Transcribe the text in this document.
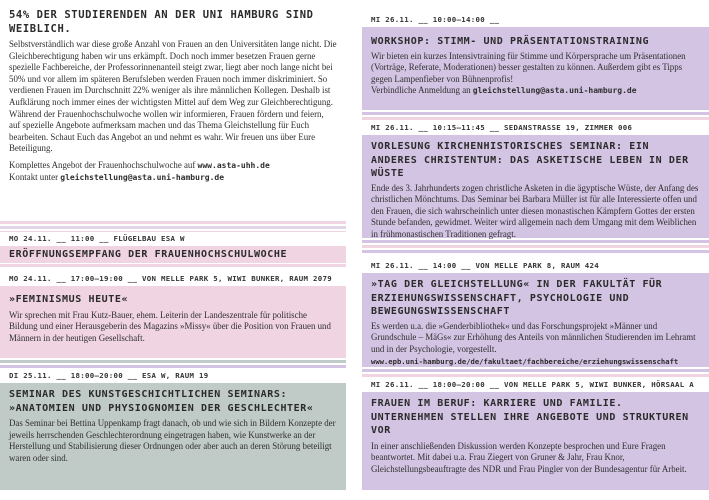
54% DER STUDIERENDEN AN DER UNI HAMBURG SIND WEIBLICH.
Selbstverständlich war diese große Anzahl von Frauen an den Universitäten lange nicht. Die Gleichberechtigung haben wir uns erkämpft. Doch noch immer besetzen Frauen gerne spezielle Fachbereiche, der Professorinnenanteil steigt zwar, liegt aber noch lange nicht bei 50% und vor allem im späteren Berufsleben werden Frauen noch immer diskriminiert. So verdienen Frauen im Durchschnitt 22% weniger als ihre männlichen Kollegen. Deshalb ist Aufklärung noch immer eines der wichtigsten Mittel auf dem Weg zur Gleichberechtigung.
Während der Frauenhochschulwoche wollen wir informieren, Frauen fördern und feiern, auf spezielle Angebote aufmerksam machen und das Thema Gleichstellung für Euch bearbeiten. Schaut Euch das Angebot an und nehmt es wahr. Wir freuen uns über Eure Beteiligung.
Komplettes Angebot der Frauenhochschulwoche auf www.asta-uhh.de
Kontakt unter gleichstellung@asta.uni-hamburg.de
MO 24.11. __ 11:00 __ FLÜGELBAU ESA W
ERÖFFNUNGSEMPFANG DER FRAUENHOCHSCHULWOCHE
MO 24.11. __ 17:00–19:00 __ VON MELLE PARK 5, WIWI BUNKER, RAUM 2079
»FEMINISMUS HEUTE«
Wir sprechen mit Frau Kutz-Bauer, ehem. Leiterin der Landeszentrale für politische Bildung und einer Herausgeberin des Magazins »Missy« über die Position von Frauen und Männern in der heutigen Gesellschaft.
DI 25.11. __ 18:00–20:00 __ ESA W, RAUM 19
SEMINAR DES KUNSTGESCHICHTLICHEN SEMINARS: »ANATOMIEN UND PHYSIOGNOMIEN DER GESCHLECHTER«
Das Seminar bei Bettina Uppenkamp fragt danach, ob und wie sich in Bildern Konzepte der jeweils herrschenden Geschlechterordnung eingetragen haben, wie Kunstwerke an der Herstellung und Stabilisierung dieser Ordnungen oder aber auch an deren Störung beteiligt waren oder sind.
MI 26.11. __ 10:00–14:00 __
WORKSHOP: STIMM- UND PRÄSENTATIONSTRAINING
Wir bieten ein kurzes Intensivtraining für Stimme und Körpersprache um Präsentationen (Vorträge, Referate, Moderationen) besser gestalten zu können. Außerdem gibt es Tipps gegen Lampenfieber von Bühnenprofis!
Verbindliche Anmeldung an gleichstellung@asta.uni-hamburg.de
MI 26.11. __ 10:15–11:45 __ SEDANSTRASSE 19, ZIMMER 006
VORLESUNG KIRCHENHISTORISCHES SEMINAR: EIN ANDERES CHRISTENTUM: DAS ASKETISCHE LEBEN IN DER WÜSTE
Ende des 3. Jahrhunderts zogen christliche Asketen in die ägyptische Wüste, der Anfang des christlichen Mönchtums. Das Seminar bei Barbara Müller ist für alle Interessierte offen und den Frauen, die sich wahrscheinlich unter diesen monastischen Kämpfern Gottes der ersten Stunde befanden, gewidmet. Weiter wird allgemein nach dem Umgang mit dem Weiblichen in frühmonastischen Traditionen gefragt.
MI 26.11. __ 14:00 __ VON MELLE PARK 8, RAUM 424
»TAG DER GLEICHSTELLUNG« IN DER FAKULTÄT FÜR ERZIEHUNGSWISSENSCHAFT, PSYCHOLOGIE UND BEWEGUNGSWISSENSCHAFT
Es werden u.a. die »Genderbibliothek« und das Forschungsprojekt »Männer und Grundschule – MäGs« zur Erhöhung des Anteils von männlichen Studierenden im Lehramt und in der Psychologie, vorgestellt.
www.epb.uni-hamburg.de/de/fakultaet/fachbereiche/erziehungswissenschaft
MI 26.11. __ 18:00–20:00 __ VON MELLE PARK 5, WIWI BUNKER, HÖRSAAL A
FRAUEN IM BERUF: KARRIERE UND FAMILIE. UNTERNEHMEN STELLEN IHRE ANGEBOTE UND STRUKTUREN VOR
In einer anschließenden Diskussion werden Konzepte besprochen und Eure Fragen beantwortet. Mit dabei u.a. Frau Ziegert von Gruner & Jahr, Frau Knor, Gleichstellungsbeauftragte des NDR und Frau Pingler von der Bundesagentur für Arbeit.
